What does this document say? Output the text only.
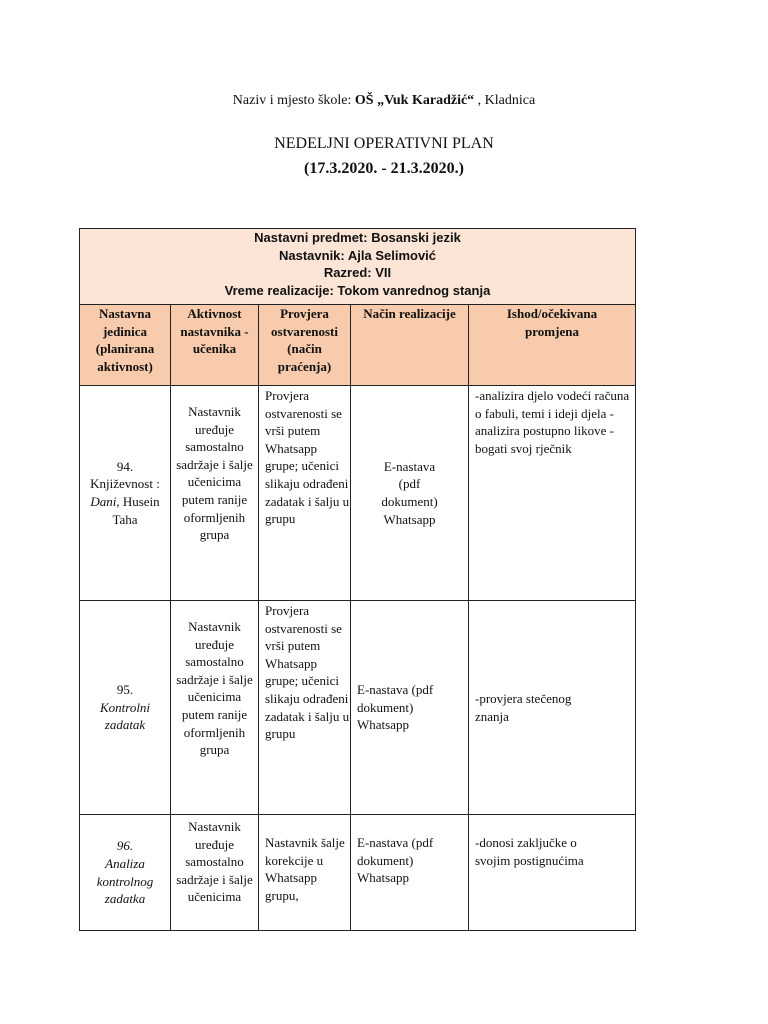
Naziv i mjesto škole: OŠ „Vuk Karadžić“ , Kladnica
NEDELJNI OPERATIVNI PLAN
(17.3.2020. - 21.3.2020.)
Nastavni predmet: Bosanski jezik
Nastavnik: Ajla Selimović
Razred: VII
Vreme realizacije: Tokom vanrednog stanja				

Nastavna jedinica (planirana aktivnost)	Aktivnost nastavnika -učenika	Provjera ostvarenosti (način praćenja)	Način realizacije	Ishod/očekivana promjena

94.
Književnost : Dani, Husein Taha	Nastavnik uređuje samostalno sadržaje i šalje učenicima putem ranije oformljenih grupa	Provjera ostvarenosti se vrši putem Whatsapp grupe; učenici slikaju odrađeni zadatak i šalju u grupu	E-nastava (pdf dokument) Whatsapp	-analizira djelo vodeći računa o fabuli, temi i ideji djela -analizira postupno likove -bogati svoj rječnik

95.
Kontrolni zadatak	Nastavnik uređuje samostalno sadržaje i šalje učenicima putem ranije oformljenih grupa	Provjera ostvarenosti se vrši putem Whatsapp grupe; učenici slikaju odrađeni zadatak i šalju u grupu	E-nastava (pdf dokument) Whatsapp	-provjera stečenog znanja

96.
Analiza kontrolnog zadatka	Nastavnik uređuje samostalno sadržaje i šalje učenicima	Nastavnik šalje korekcije u Whatsapp grupu,	E-nastava (pdf dokument) Whatsapp	-donosi zaključke o svojim postignućima
